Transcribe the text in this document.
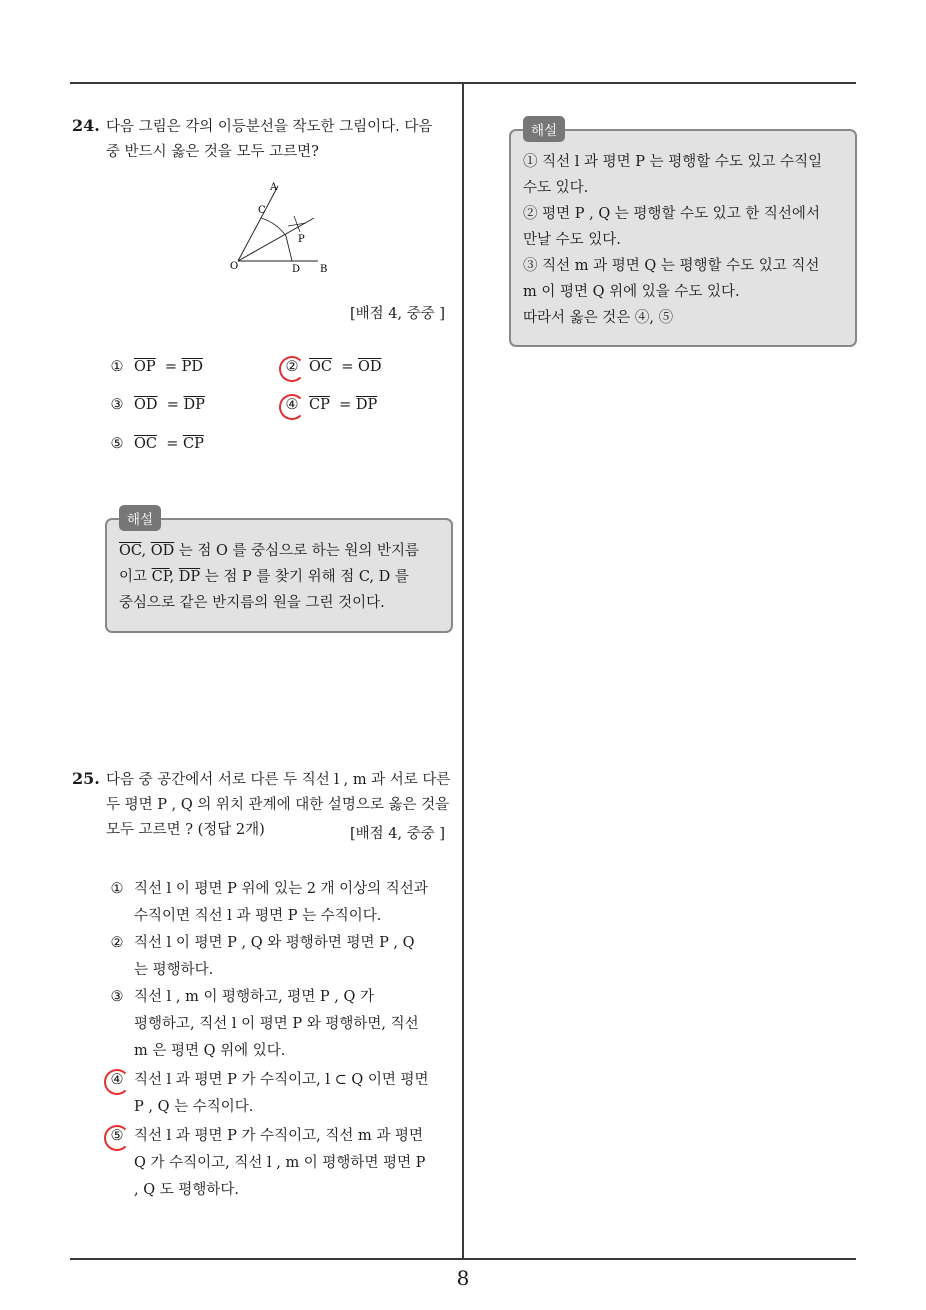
24. 다음 그림은 각의 이등분선을 작도한 그림이다. 다음
중 반드시 옳은 것을 모두 고르면?
A
C
P
O	D B
[배점 4, 중중 ]
① $\overline{OP} = \overline{PD}$	② $\overline{OC} = \overline{OD}$
③ $\overline{OD} = \overline{DP}$	④ $\overline{CP} = \overline{DP}$
⑤ $\overline{OC} = \overline{CP}$
해설
$\overline{OC}$, $\overline{OD}$ 는 점 O 를 중심으로 하는 원의 반지름
이고 $\overline{CP}$, $\overline{DP}$ 는 점 P 를 찾기 위해 점 C, D 를
중심으로 같은 반지름의 원을 그린 것이다.
25. 다음 중 공간에서 서로 다른 두 직선 l , m 과 서로 다른
두 평면 P , Q 의 위치 관계에 대한 설명으로 옳은 것을
모두 고르면 ? (정답 2개)	[배점 4, 중중 ]
① 직선 l 이 평면 P 위에 있는 2 개 이상의 직선과
수직이면 직선 l 과 평면 P 는 수직이다.
② 직선 l 이 평면 P , Q 와 평행하면 평면 P , Q
는 평행하다.
③ 직선 l , m 이 평행하고, 평면 P , Q 가
평행하고, 직선 l 이 평면 P 와 평행하면, 직선
m 은 평면 Q 위에 있다.
④ 직선 l 과 평면 P 가 수직이고, l ⊂ Q 이면 평면
P , Q 는 수직이다.
⑤ 직선 l 과 평면 P 가 수직이고, 직선 m 과 평면
Q 가 수직이고, 직선 l , m 이 평행하면 평면 P
, Q 도 평행하다.
해설
① 직선 l 과 평면 P 는 평행할 수도 있고 수직일
수도 있다.
② 평면 P , Q 는 평행할 수도 있고 한 직선에서
만날 수도 있다.
③ 직선 m 과 평면 Q 는 평행할 수도 있고 직선
m 이 평면 Q 위에 있을 수도 있다.
따라서 옳은 것은 ④, ⑤
8
